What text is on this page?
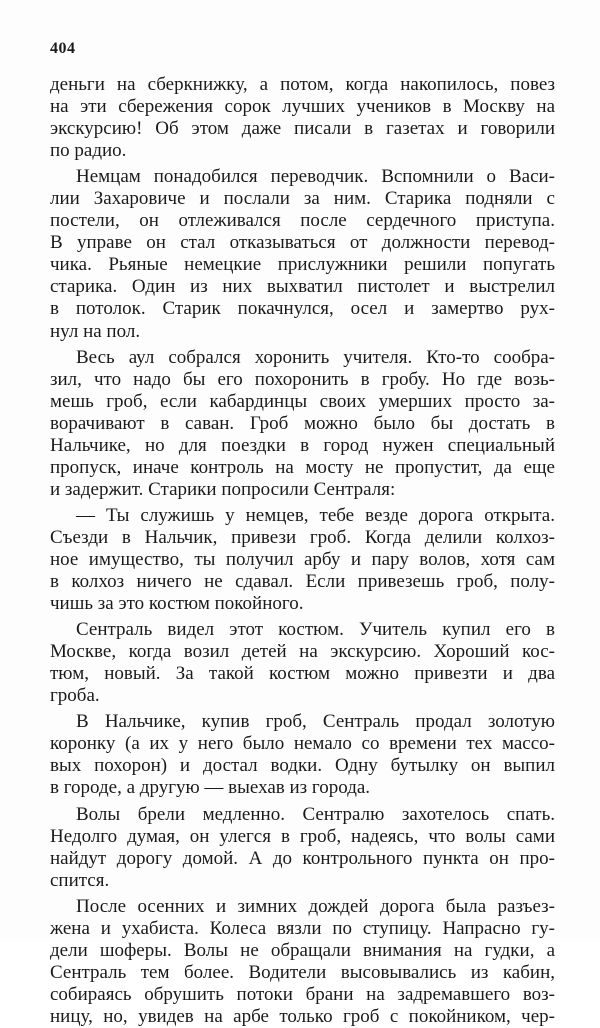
404
деньги на сберкнижку, а потом, когда накопилось, повез
на эти сбережения сорок лучших учеников в Москву на
экскурсию! Об этом даже писали в газетах и говорили
по радио.
Немцам понадобился переводчик. Вспомнили о Васи-
лии Захаровиче и послали за ним. Старика подняли с
постели, он отлеживался после сердечного приступа.
В управе он стал отказываться от должности перевод-
чика. Рьяные немецкие прислужники решили попугать
старика. Один из них выхватил пистолет и выстрелил
в потолок. Старик покачнулся, осел и замертво рух-
нул на пол.
Весь аул собрался хоронить учителя. Кто-то сообра-
зил, что надо бы его похоронить в гробу. Но где возь-
мешь гроб, если кабардинцы своих умерших просто за-
ворачивают в саван. Гроб можно было бы достать в
Нальчике, но для поездки в город нужен специальный
пропуск, иначе контроль на мосту не пропустит, да еще
и задержит. Старики попросили Сентраля:
— Ты служишь у немцев, тебе везде дорога открыта.
Съезди в Нальчик, привези гроб. Когда делили колхоз-
ное имущество, ты получил арбу и пару волов, хотя сам
в колхоз ничего не сдавал. Если привезешь гроб, полу-
чишь за это костюм покойного.
Сентраль видел этот костюм. Учитель купил его в
Москве, когда возил детей на экскурсию. Хороший кос-
тюм, новый. За такой костюм можно привезти и два
гроба.
В Нальчике, купив гроб, Сентраль продал золотую
коронку (а их у него было немало со времени тех массо-
вых похорон) и достал водки. Одну бутылку он выпил
в городе, а другую — выехав из города.
Волы брели медленно. Сентралю захотелось спать.
Недолго думая, он улегся в гроб, надеясь, что волы сами
найдут дорогу домой. А до контрольного пункта он про-
спится.
После осенних и зимних дождей дорога была разъез-
жена и ухабиста. Колеса вязли по ступицу. Напрасно гу-
дели шоферы. Волы не обращали внимания на гудки, а
Сентраль тем более. Водители высовывались из кабин,
собираясь обрушить потоки брани на задремавшего воз-
ницу, но, увидев на арбе только гроб с покойником, чер-
